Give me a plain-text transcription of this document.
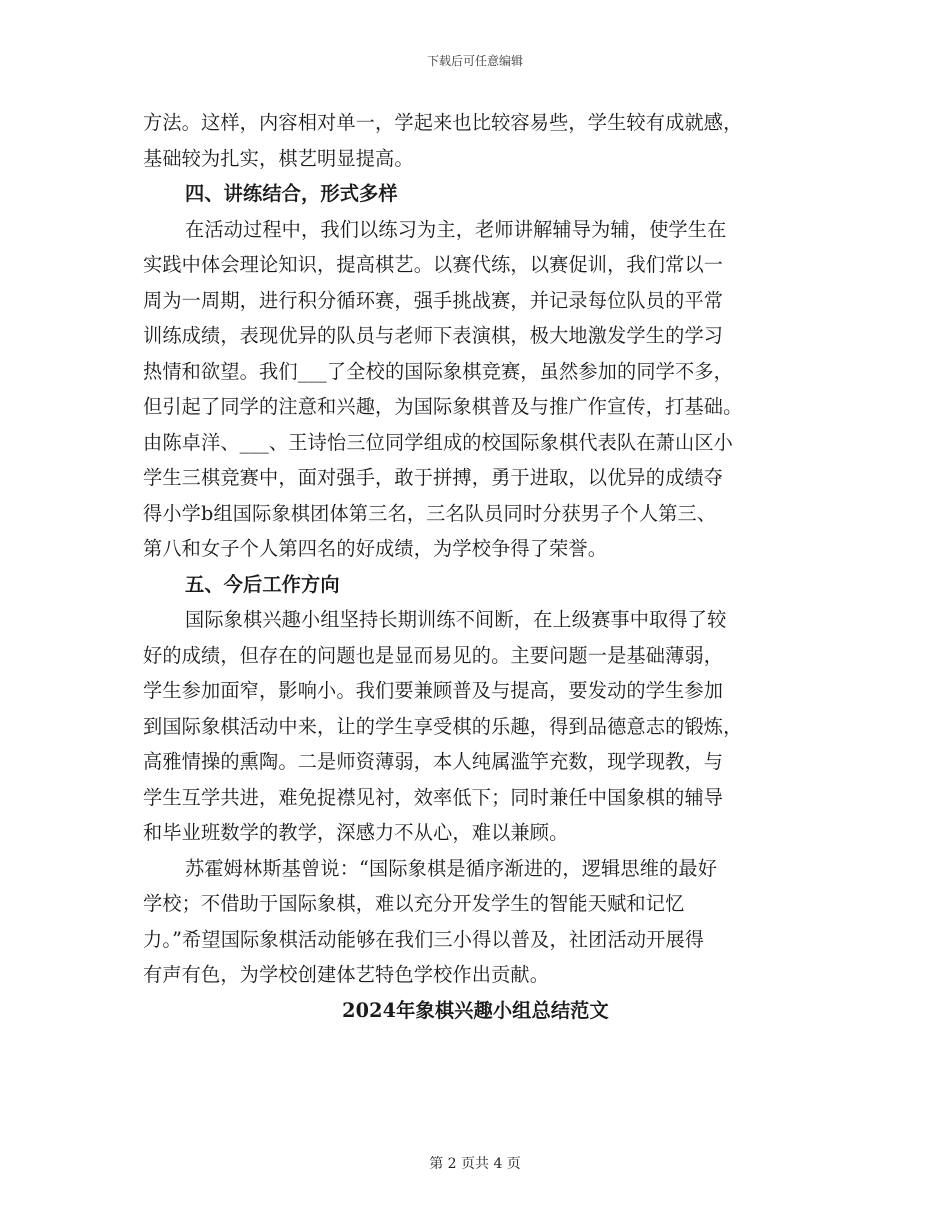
下载后可任意编辑
方法。这样，内容相对单一，学起来也比较容易些，学生较有成就感，
基础较为扎实，棋艺明显提高。
四、讲练结合，形式多样
在活动过程中，我们以练习为主，老师讲解辅导为辅，使学生在
实践中体会理论知识，提高棋艺。以赛代练，以赛促训，我们常以一
周为一周期，进行积分循环赛，强手挑战赛，并记录每位队员的平常
训练成绩，表现优异的队员与老师下表演棋，极大地激发学生的学习
热情和欲望。我们___了全校的国际象棋竞赛，虽然参加的同学不多，
但引起了同学的注意和兴趣，为国际象棋普及与推广作宣传，打基础。
由陈卓洋、___、王诗怡三位同学组成的校国际象棋代表队在萧山区小
学生三棋竞赛中，面对强手，敢于拼搏，勇于进取，以优异的成绩夺
得小学b组国际象棋团体第三名，三名队员同时分获男子个人第三、
第八和女子个人第四名的好成绩，为学校争得了荣誉。
五、今后工作方向
国际象棋兴趣小组坚持长期训练不间断，在上级赛事中取得了较
好的成绩，但存在的问题也是显而易见的。主要问题一是基础薄弱，
学生参加面窄，影响小。我们要兼顾普及与提高，要发动的学生参加
到国际象棋活动中来，让的学生享受棋的乐趣，得到品德意志的锻炼，
高雅情操的熏陶。二是师资薄弱，本人纯属滥竽充数，现学现教，与
学生互学共进，难免捉襟见衬，效率低下；同时兼任中国象棋的辅导
和毕业班数学的教学，深感力不从心，难以兼顾。
苏霍姆林斯基曾说：“国际象棋是循序渐进的，逻辑思维的最好
学校；不借助于国际象棋，难以充分开发学生的智能天赋和记忆
力。”希望国际象棋活动能够在我们三小得以普及，社团活动开展得
有声有色，为学校创建体艺特色学校作出贡献。
2024年象棋兴趣小组总结范文
第 2 页共 4 页
